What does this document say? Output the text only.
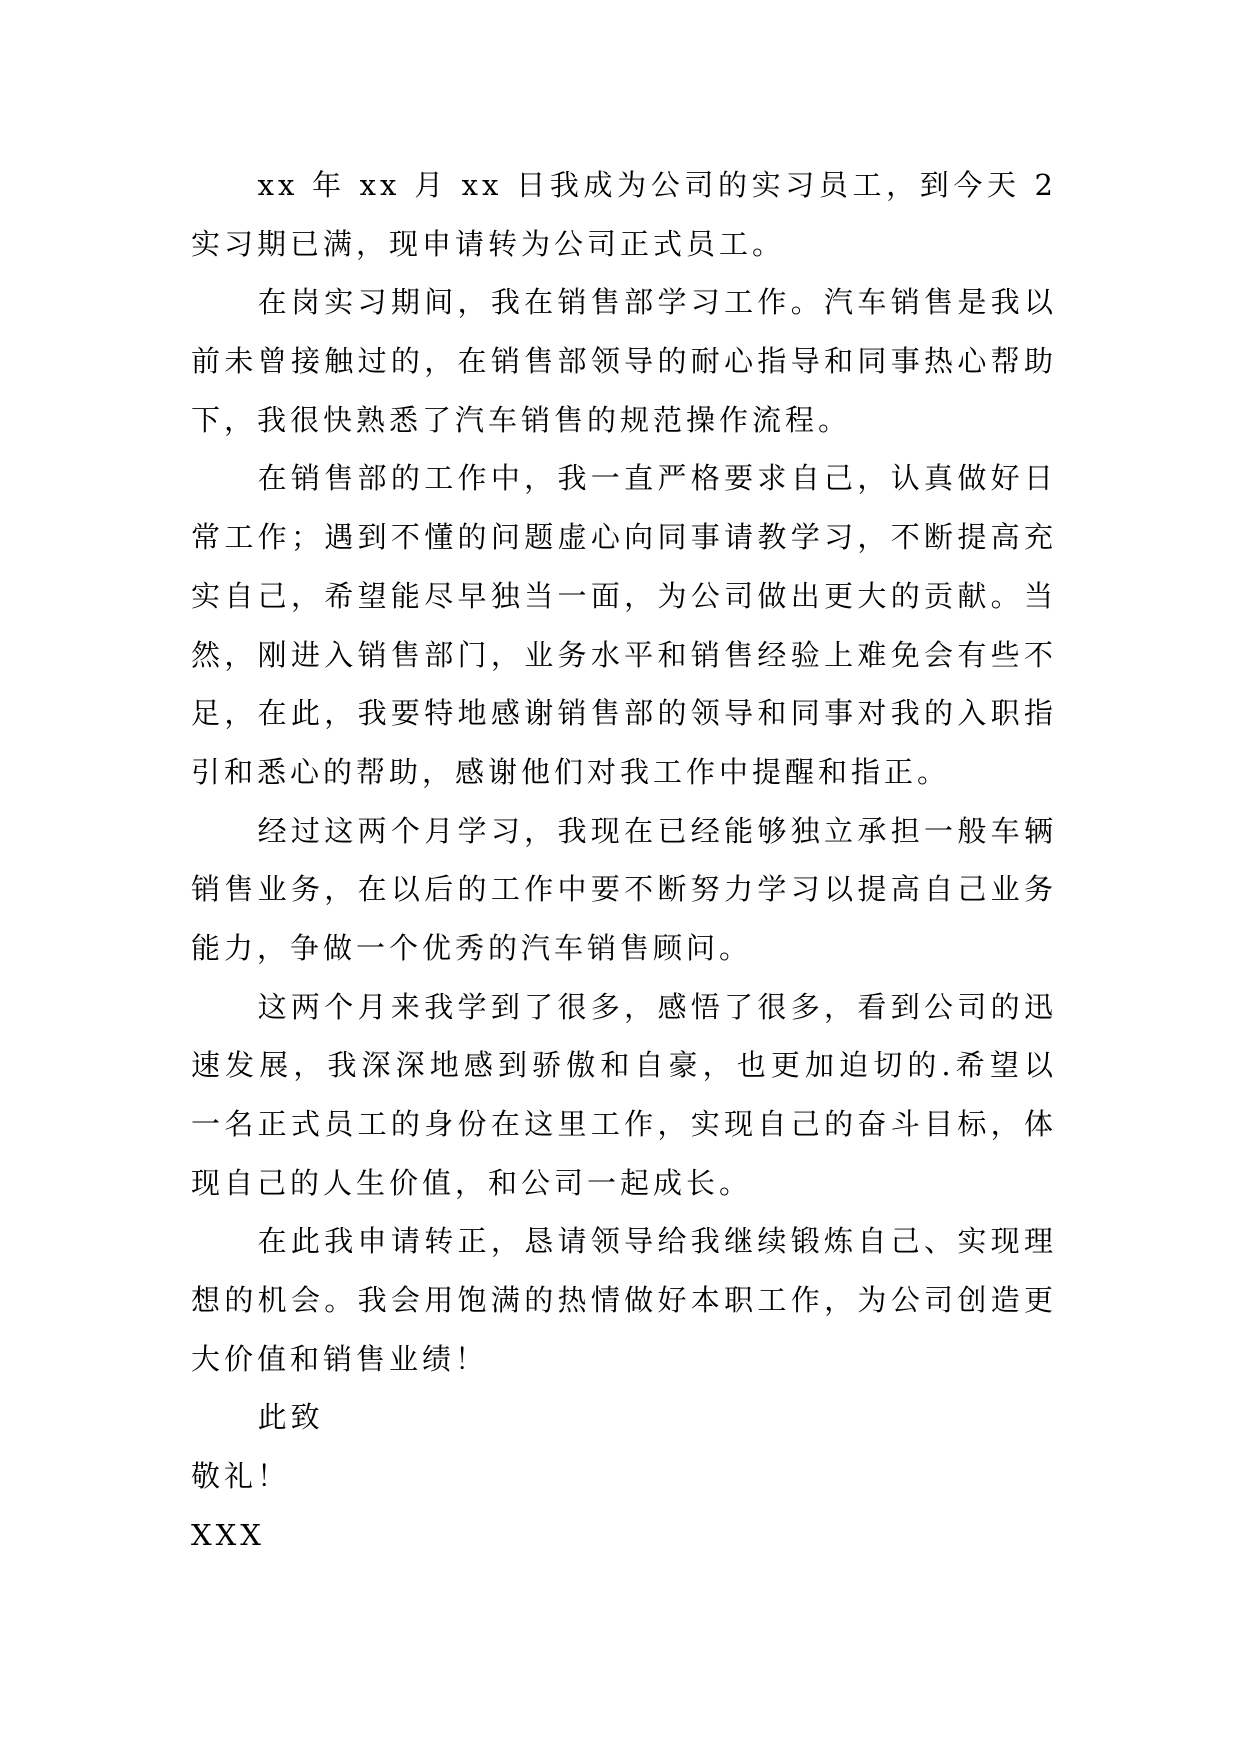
xx 年 xx 月 xx 日我成为公司的实习员工，到今天 2
实习期已满，现申请转为公司正式员工。
在岗实习期间，我在销售部学习工作。汽车销售是我以
前未曾接触过的，在销售部领导的耐心指导和同事热心帮助
下，我很快熟悉了汽车销售的规范操作流程。
在销售部的工作中，我一直严格要求自己，认真做好日
常工作；遇到不懂的问题虚心向同事请教学习，不断提高充
实自己，希望能尽早独当一面，为公司做出更大的贡献。当
然，刚进入销售部门，业务水平和销售经验上难免会有些不
足，在此，我要特地感谢销售部的领导和同事对我的入职指
引和悉心的帮助，感谢他们对我工作中提醒和指正。
经过这两个月学习，我现在已经能够独立承担一般车辆
销售业务，在以后的工作中要不断努力学习以提高自己业务
能力，争做一个优秀的汽车销售顾问。
这两个月来我学到了很多，感悟了很多，看到公司的迅
速发展，我深深地感到骄傲和自豪，也更加迫切的.希望以
一名正式员工的身份在这里工作，实现自己的奋斗目标，体
现自己的人生价值，和公司一起成长。
在此我申请转正，恳请领导给我继续锻炼自己、实现理
想的机会。我会用饱满的热情做好本职工作，为公司创造更
大价值和销售业绩！
此致
敬礼！
XXX
